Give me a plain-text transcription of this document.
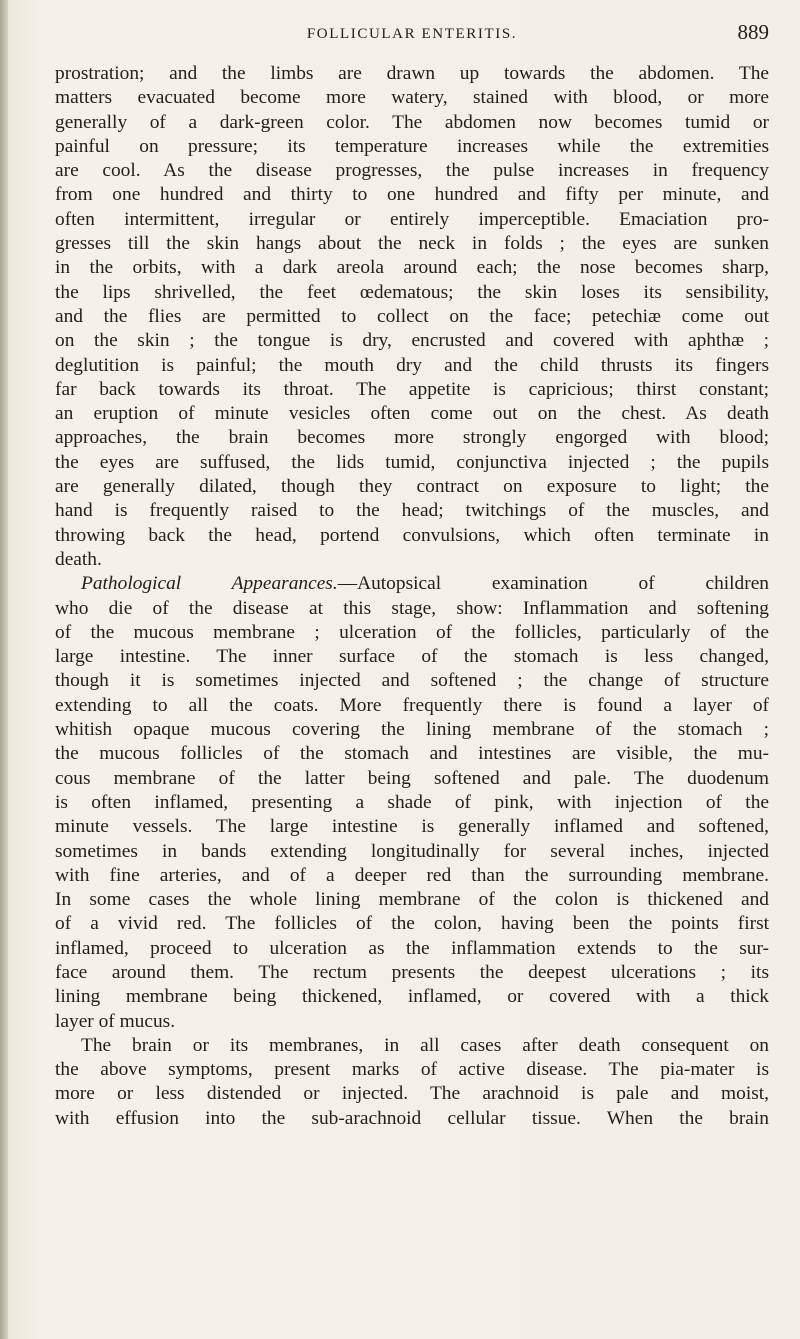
FOLLICULAR ENTERITIS.	889

prostration; and the limbs are drawn up towards the abdomen. The

matters evacuated become more watery, stained with blood, or more

generally of a dark-green color. The abdomen now becomes tumid or

painful on pressure; its temperature increases while the extremities

are cool. As the disease progresses, the pulse increases in frequency

from one hundred and thirty to one hundred and fifty per minute, and

often intermittent, irregular or entirely imperceptible. Emaciation pro-

gresses till the skin hangs about the neck in folds ; the eyes are sunken

in the orbits, with a dark areola around each; the nose becomes sharp,

the lips shrivelled, the feet œdematous; the skin loses its sensibility,

and the flies are permitted to collect on the face; petechiæ come out

on the skin ; the tongue is dry, encrusted and covered with aphthæ ;

deglutition is painful; the mouth dry and the child thrusts its fingers

far back towards its throat. The appetite is capricious; thirst constant;

an eruption of minute vesicles often come out on the chest. As death

approaches, the brain becomes more strongly engorged with blood;

the eyes are suffused, the lids tumid, conjunctiva injected ; the pupils

are generally dilated, though they contract on exposure to light; the

hand is frequently raised to the head; twitchings of the muscles, and

throwing back the head, portend convulsions, which often terminate in

death.

Pathological Appearances.—Autopsical examination of children

who die of the disease at this stage, show: Inflammation and softening

of the mucous membrane ; ulceration of the follicles, particularly of the

large intestine. The inner surface of the stomach is less changed,

though it is sometimes injected and softened ; the change of structure

extending to all the coats. More frequently there is found a layer of

whitish opaque mucous covering the lining membrane of the stomach ;

the mucous follicles of the stomach and intestines are visible, the mu-

cous membrane of the latter being softened and pale. The duodenum

is often inflamed, presenting a shade of pink, with injection of the

minute vessels. The large intestine is generally inflamed and softened,

sometimes in bands extending longitudinally for several inches, injected

with fine arteries, and of a deeper red than the surrounding membrane.

In some cases the whole lining membrane of the colon is thickened and

of a vivid red. The follicles of the colon, having been the points first

inflamed, proceed to ulceration as the inflammation extends to the sur-

face around them. The rectum presents the deepest ulcerations ; its

lining membrane being thickened, inflamed, or covered with a thick

layer of mucus.

The brain or its membranes, in all cases after death consequent on

the above symptoms, present marks of active disease. The pia-mater is

more or less distended or injected. The arachnoid is pale and moist,

with effusion into the sub-arachnoid cellular tissue. When the brain
